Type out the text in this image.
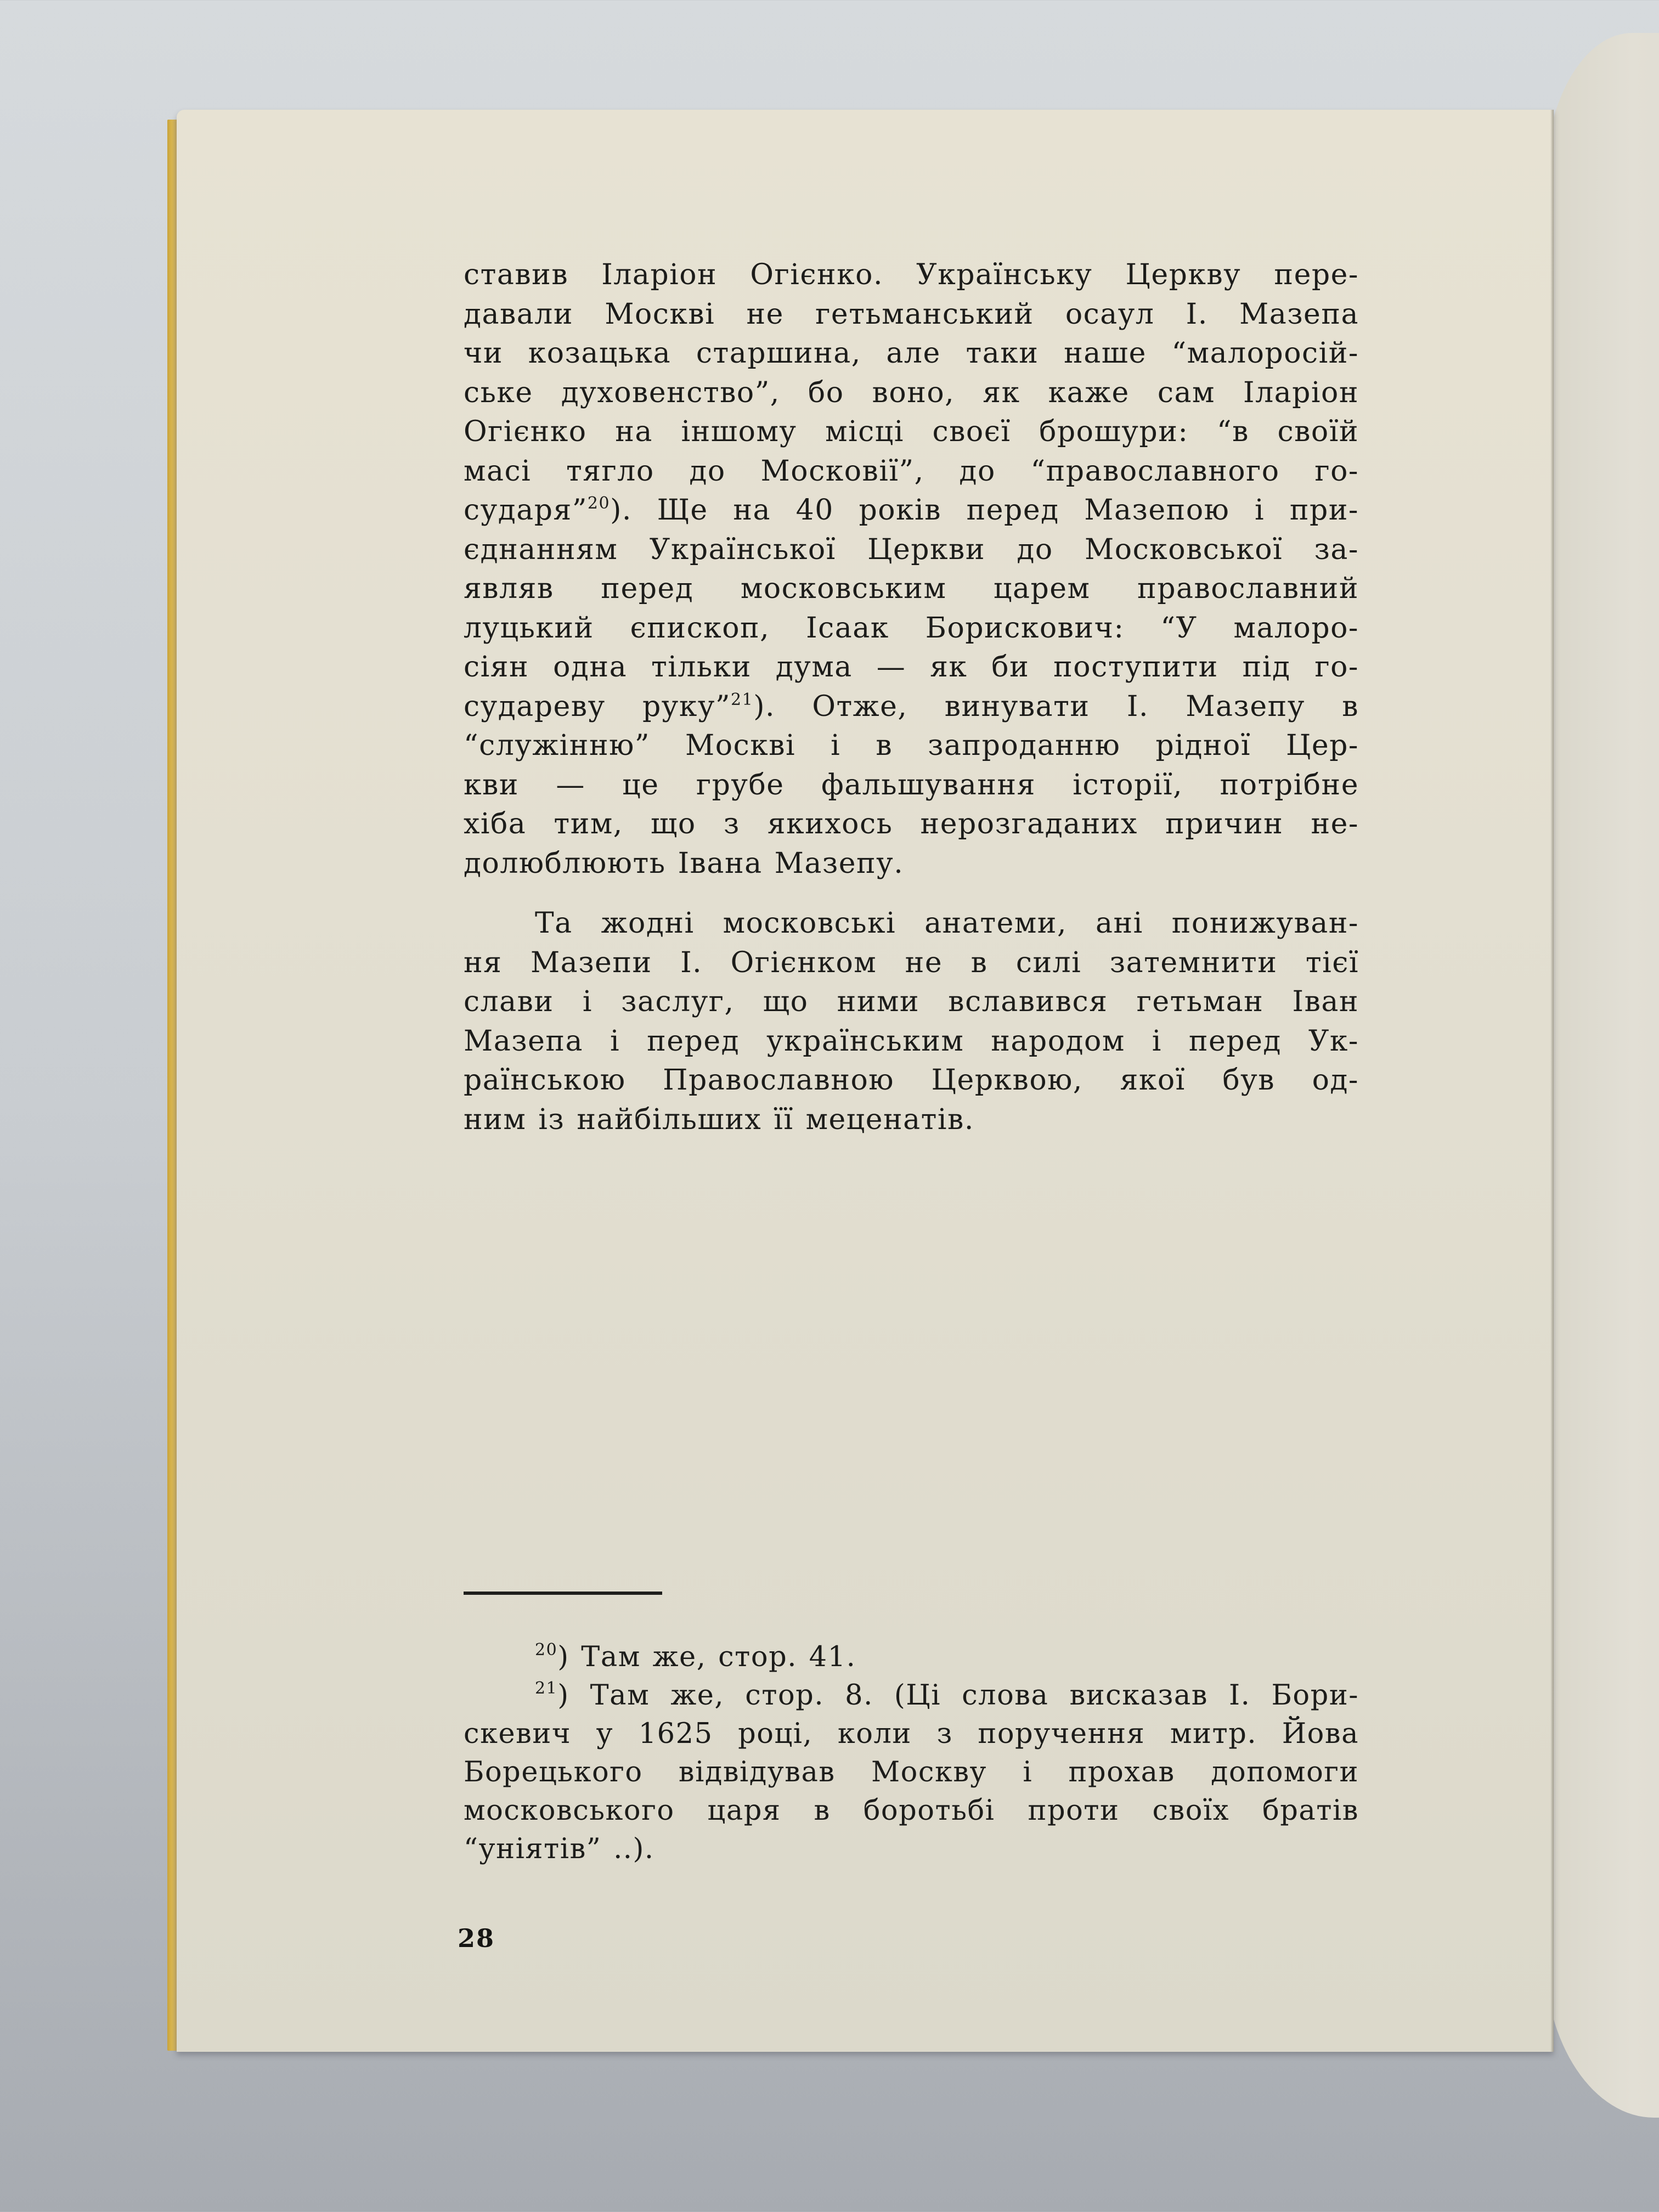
ставив Іларіон Огієнко. Українську Церкву пере-
давали Москві не гетьманський осаул І. Мазепа
чи козацька старшина, але таки наше “малоросій-
ське духовенство”, бо воно, як каже сам Іларіон
Огієнко на іншому місці своєї брошури: “в своїй
масі тягло до Московії”, до “православного го-
сударя”$^{20}$). Ще на 40 років перед Мазепою і при-
єднанням Української Церкви до Московської за-
являв перед московським царем православний
луцький єпископ, Ісаак Борискович: “У малоро-
сіян одна тільки дума — як би поступити під го-
сударeву руку”$^{21}$). Отже, винувати І. Мазепу в
“служінню” Москві і в запроданню рідної Цер-
кви — це грубе фальшування історії, потрібне
хіба тим, що з якихось нерозгаданих причин не-
долюблюють Івана Мазепу.

Та жодні московські анатеми, ані понижуван-
ня Мазепи І. Огієнком не в силі затемнити тієї
слави і заслуг, що ними вславився гетьман Іван
Мазепа і перед українським народом і перед Ук-
раїнською Православною Церквою, якої був од-
ним із найбільших її меценатів.

$^{20}$) Там же, стор. 41.
$^{21}$) Там же, стор. 8. (Ці слова висказав І. Бори-
скевич у 1625 році, коли з поручення митр. Йова
Борецького відвідував Москву і прохав допомоги
московського царя в боротьбі проти своїх братів
“уніятів” ..).
28
